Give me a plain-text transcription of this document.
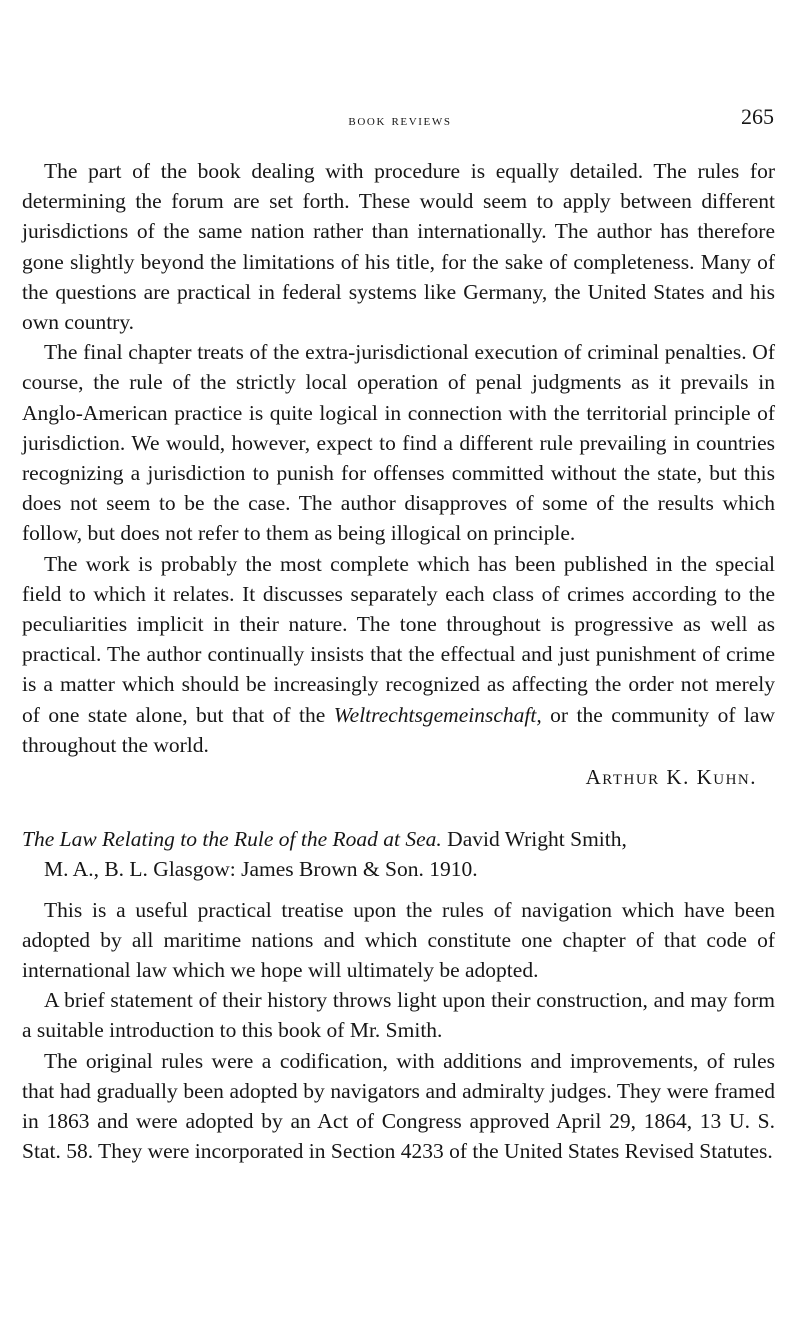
book reviews	265

The part of the book dealing with procedure is equally detailed. The rules for determining the forum are set forth. These would seem to apply between different jurisdictions of the same nation rather than internationally. The author has therefore gone slightly beyond the limitations of his title, for the sake of completeness. Many of the questions are practical in federal systems like Germany, the United States and his own country.

The final chapter treats of the extra-jurisdictional execution of criminal penalties. Of course, the rule of the strictly local operation of penal judgments as it prevails in Anglo-American practice is quite logical in connection with the territorial principle of jurisdiction. We would, however, expect to find a different rule prevailing in countries recognizing a jurisdiction to punish for offenses committed without the state, but this does not seem to be the case. The author disapproves of some of the results which follow, but does not refer to them as being illogical on principle.

The work is probably the most complete which has been published in the special field to which it relates. It discusses separately each class of crimes according to the peculiarities implicit in their nature. The tone throughout is progressive as well as practical. The author continually insists that the effectual and just punishment of crime is a matter which should be increasingly recognized as affecting the order not merely of one state alone, but that of the Weltrechtsgemeinschaft, or the community of law throughout the world.

Arthur K. Kuhn.

The Law Relating to the Rule of the Road at Sea. David Wright Smith,
M. A., B. L. Glasgow: James Brown & Son. 1910.

This is a useful practical treatise upon the rules of navigation which have been adopted by all maritime nations and which constitute one chapter of that code of international law which we hope will ultimately be adopted.

A brief statement of their history throws light upon their construction, and may form a suitable introduction to this book of Mr. Smith.

The original rules were a codification, with additions and improvements, of rules that had gradually been adopted by navigators and admiralty judges. They were framed in 1863 and were adopted by an Act of Congress approved April 29, 1864, 13 U. S. Stat. 58. They were incorporated in Section 4233 of the United States Revised Statutes.
